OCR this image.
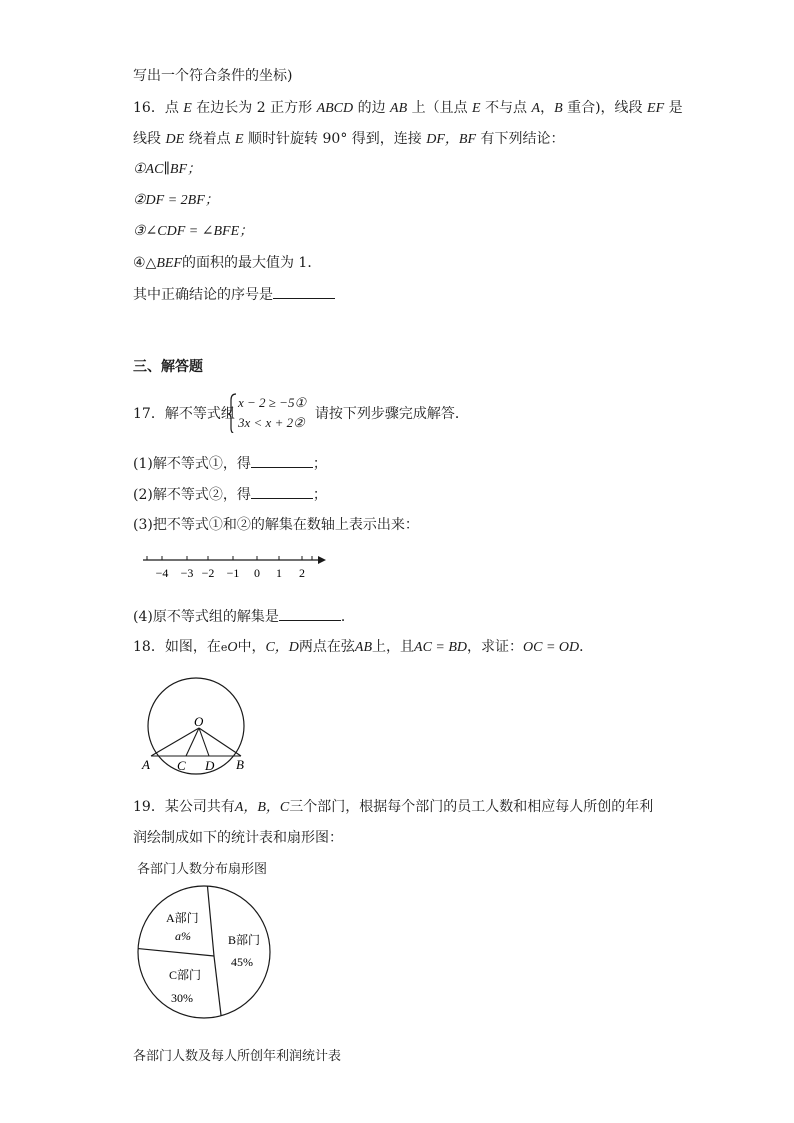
写出一个符合条件的坐标)
16．点 E 在边长为 2 正方形 ABCD 的边 AB 上（且点 E 不与点 A，B 重合)，线段 EF 是
线段 DE 绕着点 E 顺时针旋转 90° 得到，连接 DF，BF 有下列结论：
①AC∥BF；
②DF = 2BF；
③∠CDF = ∠BFE；
④△BEF的面积的最大值为 1．
其中正确结论的序号是
三、解答题
17．解不等式组	请按下列步骤完成解答．
x − 2 ≥ −5①
3x < x + 2②
(1)解不等式①，得	；
(2)解不等式②，得	；
(3)把不等式①和②的解集在数轴上表示出来：
−4 −3 −2 −1 0 1 2
(4)原不等式组的解集是	．
18．如图，在eO中，C，D两点在弦AB上，且AC = BD，求证：OC = OD．
O
A C D B
19．某公司共有A，B，C三个部门，根据每个部门的员工人数和相应每人所创的年利
润绘制成如下的统计表和扇形图：
各部门人数分布扇形图
A部门
a%	B部门
45%
C部门
30%
各部门人数及每人所创年利润统计表
